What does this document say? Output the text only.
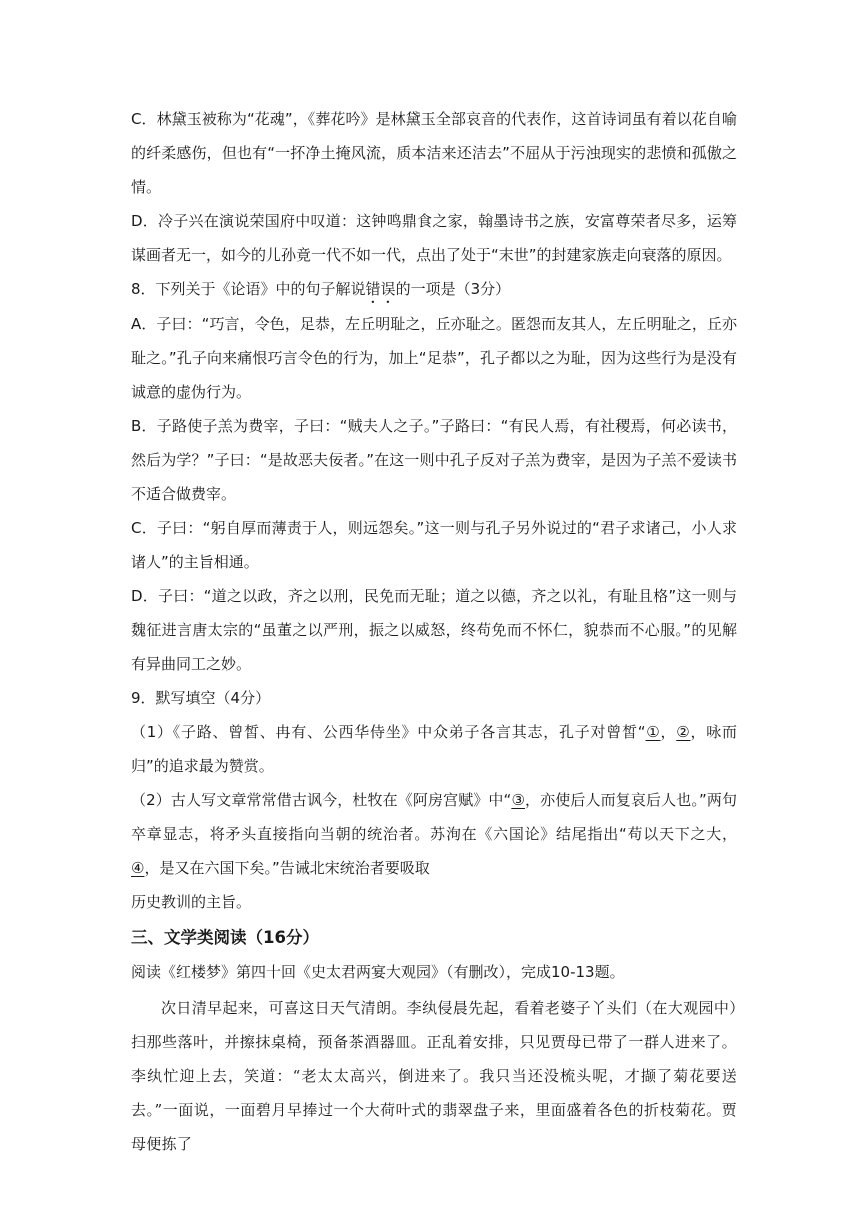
C．林黛玉被称为“花魂”，《葬花吟》是林黛玉全部哀音的代表作，这首诗词虽有着以花自喻的纤柔感伤，但也有“一抔净土掩风流，质本洁来还洁去”不屈从于污浊现实的悲愤和孤傲之情。

D．冷子兴在演说荣国府中叹道：这钟鸣鼎食之家，翰墨诗书之族，安富尊荣者尽多，运筹谋画者无一，如今的儿孙竟一代不如一代，点出了处于“末世”的封建家族走向衰落的原因。

8．下列关于《论语》中的句子解说错误的一项是（3分）

A．子曰：“巧言，令色，足恭，左丘明耻之，丘亦耻之。匿怨而友其人，左丘明耻之，丘亦耻之。”孔子向来痛恨巧言令色的行为，加上“足恭”，孔子都以之为耻，因为这些行为是没有诚意的虚伪行为。

B．子路使子羔为费宰，子曰：“贼夫人之子。”子路曰：“有民人焉，有社稷焉，何必读书，然后为学？”子曰：“是故恶夫佞者。”在这一则中孔子反对子羔为费宰，是因为子羔不爱读书不适合做费宰。

C．子曰：“躬自厚而薄责于人，则远怨矣。”这一则与孔子另外说过的“君子求诸己，小人求诸人”的主旨相通。

D．子曰：“道之以政，齐之以刑，民免而无耻；道之以德，齐之以礼，有耻且格”这一则与魏征进言唐太宗的“虽董之以严刑，振之以威怒，终苟免而不怀仁，貌恭而不心服。”的见解有异曲同工之妙。

9．默写填空（4分）

（1）《子路、曾皙、冉有、公西华侍坐》中众弟子各言其志，孔子对曾皙“①，②，咏而归”的追求最为赞赏。

（2）古人写文章常常借古讽今，杜牧在《阿房宫赋》中“③，亦使后人而复哀后人也。”两句卒章显志，将矛头直接指向当朝的统治者。苏洵在《六国论》结尾指出“苟以天下之大，④，是又在六国下矣。”告诫北宋统治者要吸取

历史教训的主旨。

三、文学类阅读（16分）

阅读《红楼梦》第四十回《史太君两宴大观园》（有删改），完成10-13题。

次日清早起来，可喜这日天气清朗。李纨侵晨先起，看着老婆子丫头们（在大观园中）扫那些落叶，并擦抹桌椅，预备茶酒器皿。正乱着安排，只见贾母已带了一群人进来了。李纨忙迎上去，笑道：“老太太高兴，倒进来了。我只当还没梳头呢，才撷了菊花要送去。”一面说，一面碧月早捧过一个大荷叶式的翡翠盘子来，里面盛着各色的折枝菊花。贾母便拣了
